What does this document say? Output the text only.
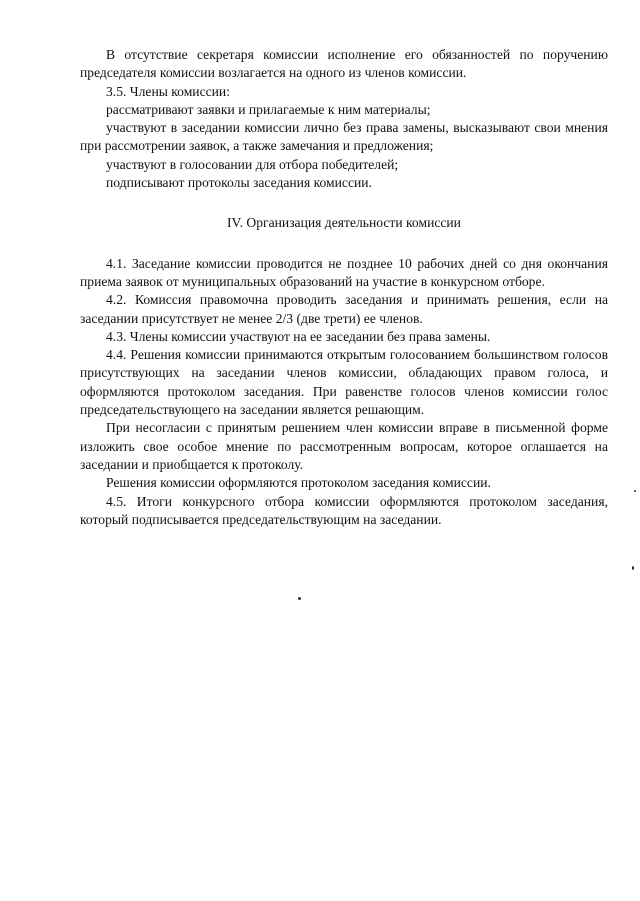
В отсутствие секретаря комиссии исполнение его обязанностей по поручению председателя комиссии возлагается на одного из членов комиссии.

3.5. Члены комиссии:

рассматривают заявки и прилагаемые к ним материалы;

участвуют в заседании комиссии лично без права замены, высказывают свои мнения при рассмотрении заявок, а также замечания и предложения;

участвуют в голосовании для отбора победителей;

подписывают протоколы заседания комиссии.

IV. Организация деятельности комиссии

4.1. Заседание комиссии проводится не позднее 10 рабочих дней со дня окончания приема заявок от муниципальных образований на участие в конкурсном отборе.

4.2. Комиссия правомочна проводить заседания и принимать решения, если на заседании присутствует не менее 2/3 (две трети) ее членов.

4.3. Члены комиссии участвуют на ее заседании без права замены.

4.4. Решения комиссии принимаются открытым голосованием большинством голосов присутствующих на заседании членов комиссии, обладающих правом голоса, и оформляются протоколом заседания. При равенстве голосов членов комиссии голос председательствующего на заседании является решающим.

При несогласии с принятым решением член комиссии вправе в письменной форме изложить свое особое мнение по рассмотренным вопросам, которое оглашается на заседании и приобщается к протоколу.

Решения комиссии оформляются протоколом заседания комиссии.

4.5. Итоги конкурсного отбора комиссии оформляются протоколом заседания, который подписывается председательствующим на заседании.
